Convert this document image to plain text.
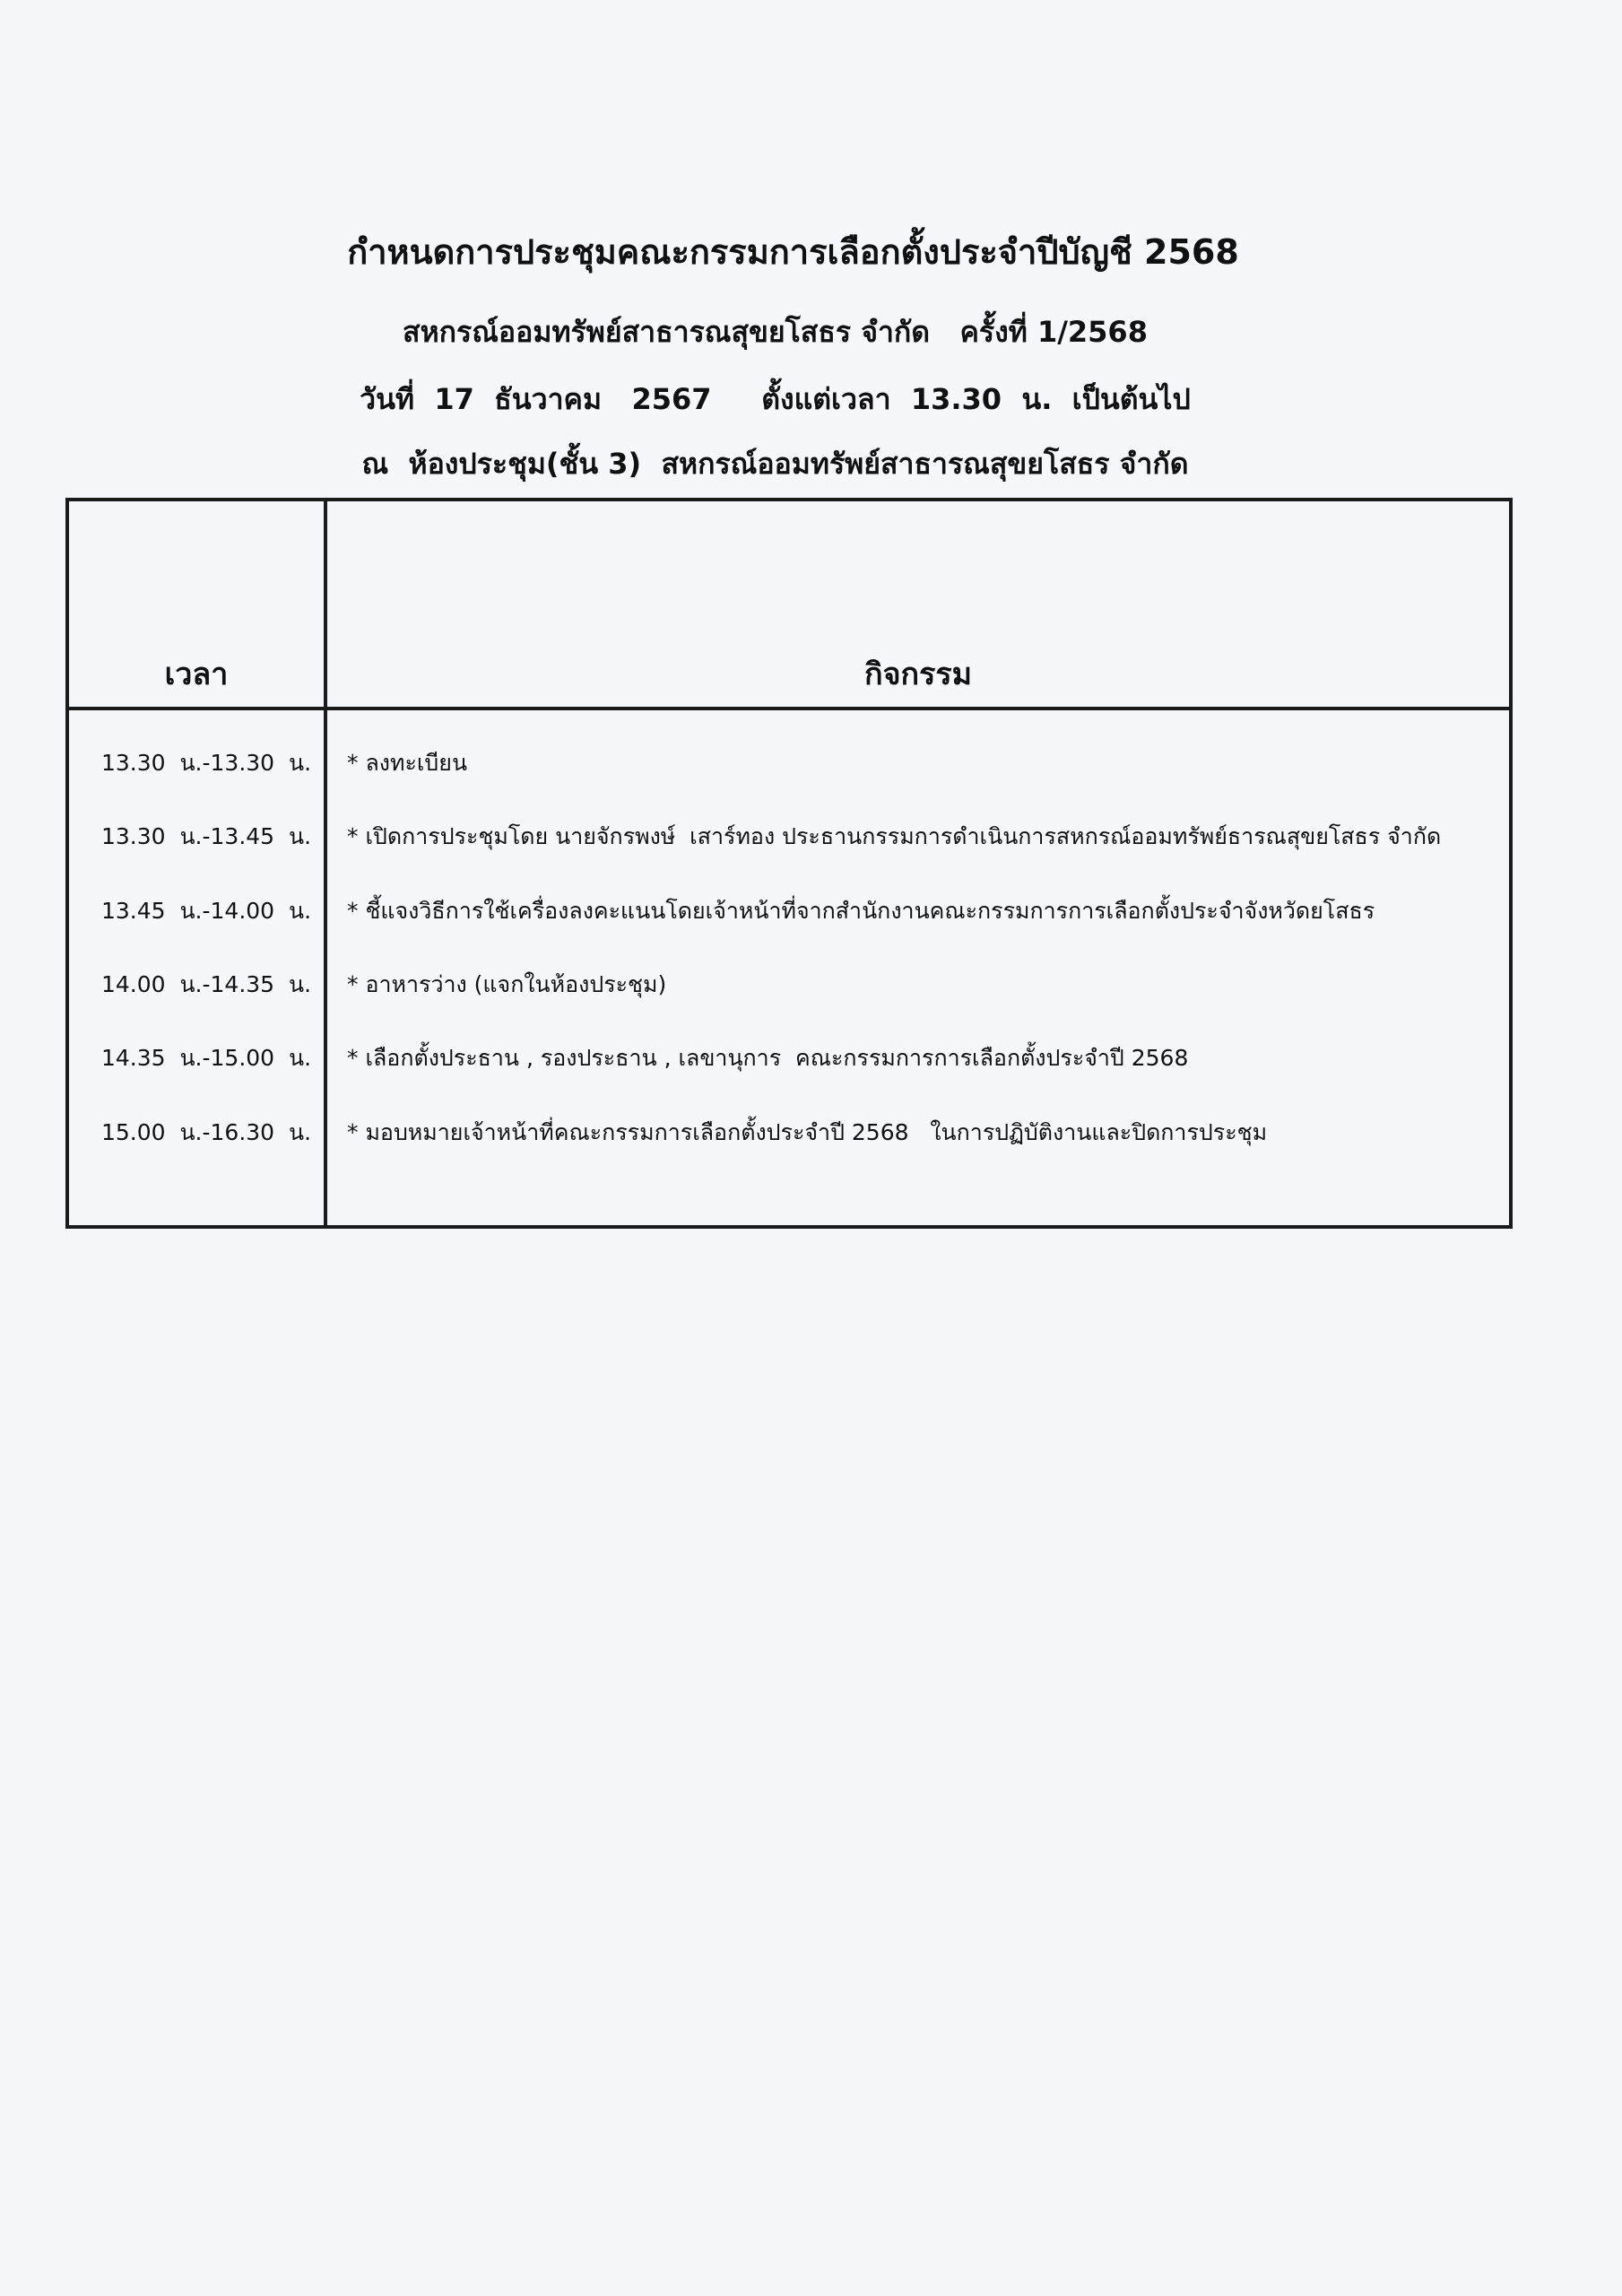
กำหนดการประชุมคณะกรรมการเลือกตั้งประจำปีบัญชี 2568
สหกรณ์ออมทรัพย์สาธารณสุขยโสธร จำกัด   ครั้งที่ 1/2568
วันที่  17  ธันวาคม   2567     ตั้งแต่เวลา  13.30  น.  เป็นต้นไป
ณ  ห้องประชุม(ชั้น 3)  สหกรณ์ออมทรัพย์สาธารณสุขยโสธร จำกัด
เวลา	กิจกรรม
13.30  น.-13.30  น. * ลงทะเบียน
13.30  น.-13.45  น. * เปิดการประชุมโดย นายจักรพงษ์  เสาร์ทอง ประธานกรรมการดำเนินการสหกรณ์ออมทรัพย์ธารณสุขยโสธร จำกัด
13.45  น.-14.00  น. * ชี้แจงวิธีการใช้เครื่องลงคะแนนโดยเจ้าหน้าที่จากสำนักงานคณะกรรมการการเลือกตั้งประจำจังหวัดยโสธร
14.00  น.-14.35  น. * อาหารว่าง (แจกในห้องประชุม)
14.35  น.-15.00  น. * เลือกตั้งประธาน , รองประธาน , เลขานุการ  คณะกรรมการการเลือกตั้งประจำปี 2568
15.00  น.-16.30  น. * มอบหมายเจ้าหน้าที่คณะกรรมการเลือกตั้งประจำปี 2568   ในการปฏิบัติงานและปิดการประชุม
